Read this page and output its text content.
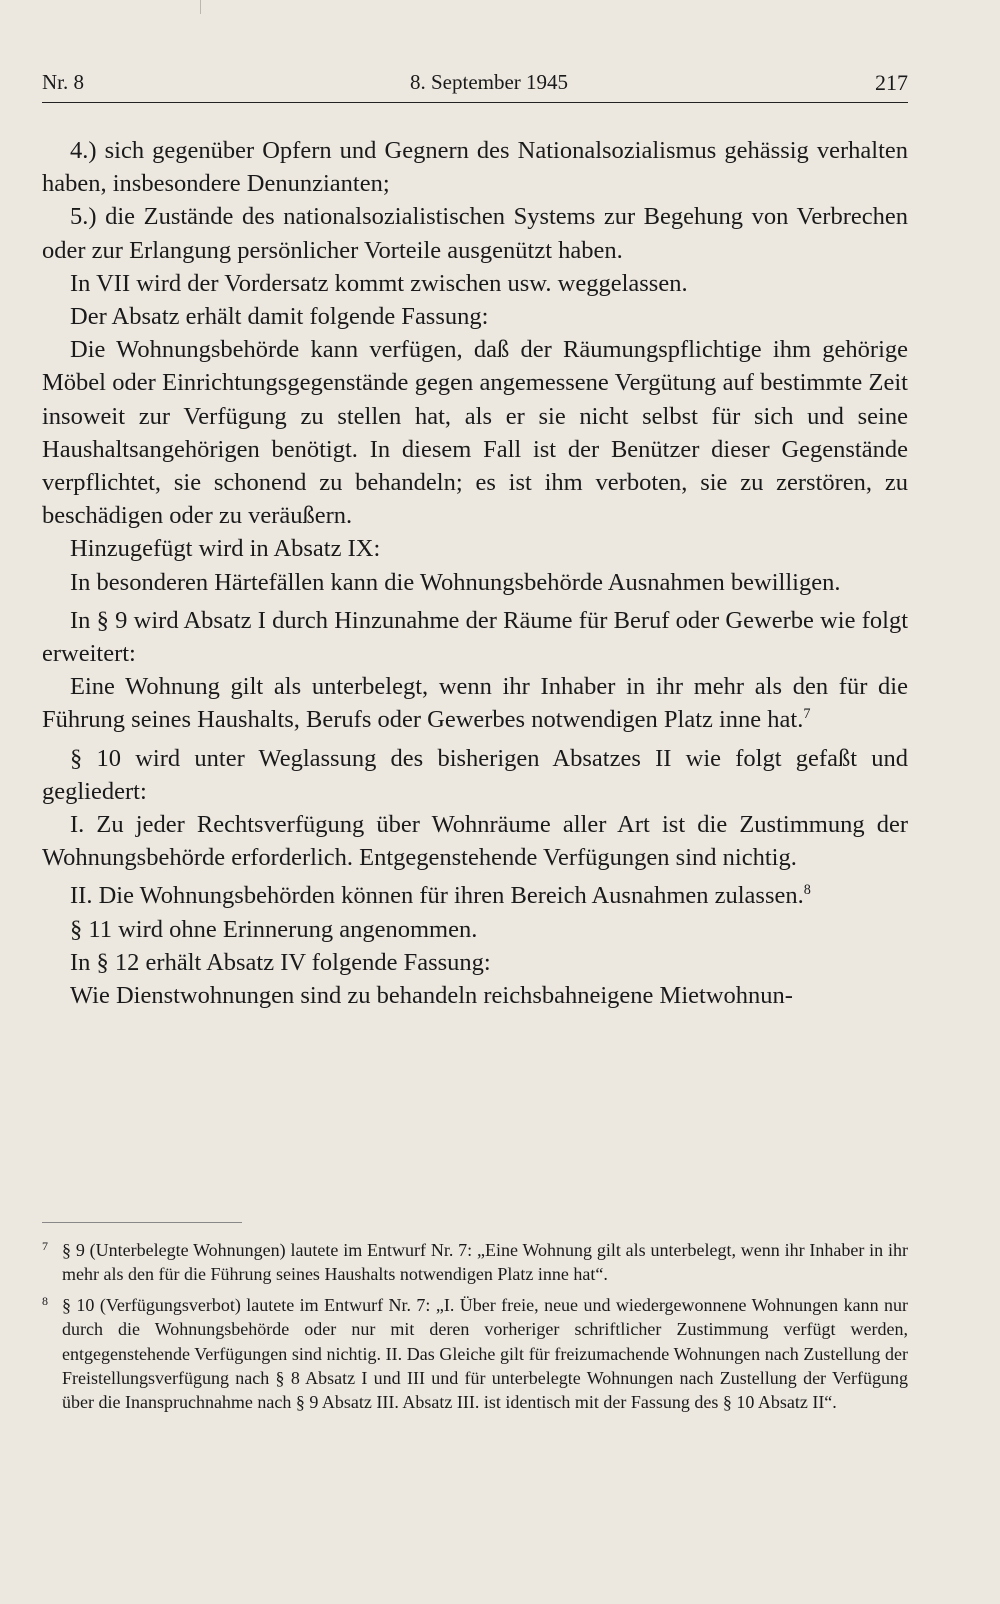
Nr. 8	8. September 1945	217

4.) sich gegenüber Opfern und Gegnern des Nationalsozialismus gehässig verhalten haben, insbesondere Denunzianten;

5.) die Zustände des nationalsozialistischen Systems zur Begehung von Verbrechen oder zur Erlangung persönlicher Vorteile ausgenützt haben.

In VII wird der Vordersatz kommt zwischen usw. weggelassen.

Der Absatz erhält damit folgende Fassung:

Die Wohnungsbehörde kann verfügen, daß der Räumungspflichtige ihm gehörige Möbel oder Einrichtungsgegenstände gegen angemessene Vergütung auf bestimmte Zeit insoweit zur Verfügung zu stellen hat, als er sie nicht selbst für sich und seine Haushaltsangehörigen benötigt. In diesem Fall ist der Benützer dieser Gegenstände verpflichtet, sie schonend zu behandeln; es ist ihm verboten, sie zu zerstören, zu beschädigen oder zu veräußern.

Hinzugefügt wird in Absatz IX:

In besonderen Härtefällen kann die Wohnungsbehörde Ausnahmen bewilligen.

In § 9 wird Absatz I durch Hinzunahme der Räume für Beruf oder Gewerbe wie folgt erweitert:

Eine Wohnung gilt als unterbelegt, wenn ihr Inhaber in ihr mehr als den für die Führung seines Haushalts, Berufs oder Gewerbes notwendigen Platz inne hat.$^7$

§ 10 wird unter Weglassung des bisherigen Absatzes II wie folgt gefaßt und gegliedert:

I. Zu jeder Rechtsverfügung über Wohnräume aller Art ist die Zustimmung der Wohnungsbehörde erforderlich. Entgegenstehende Verfügungen sind nichtig.

II. Die Wohnungsbehörden können für ihren Bereich Ausnahmen zulassen.$^8$

§ 11 wird ohne Erinnerung angenommen.

In § 12 erhält Absatz IV folgende Fassung:

Wie Dienstwohnungen sind zu behandeln reichsbahneigene Mietwohnun-

7 § 9 (Unterbelegte Wohnungen) lautete im Entwurf Nr. 7: „Eine Wohnung gilt als unterbelegt, wenn ihr Inhaber in ihr mehr als den für die Führung seines Haushalts notwendigen Platz inne hat“.

8 § 10 (Verfügungsverbot) lautete im Entwurf Nr. 7: „I. Über freie, neue und wiedergewonnene Wohnungen kann nur durch die Wohnungsbehörde oder nur mit deren vorheriger schriftlicher Zustimmung verfügt werden, entgegenstehende Verfügungen sind nichtig. II. Das Gleiche gilt für freizumachende Wohnungen nach Zustellung der Freistellungsverfügung nach § 8 Absatz I und III und für unterbelegte Wohnungen nach Zustellung der Verfügung über die Inanspruchnahme nach § 9 Absatz III. Absatz III. ist identisch mit der Fassung des § 10 Absatz II“.
